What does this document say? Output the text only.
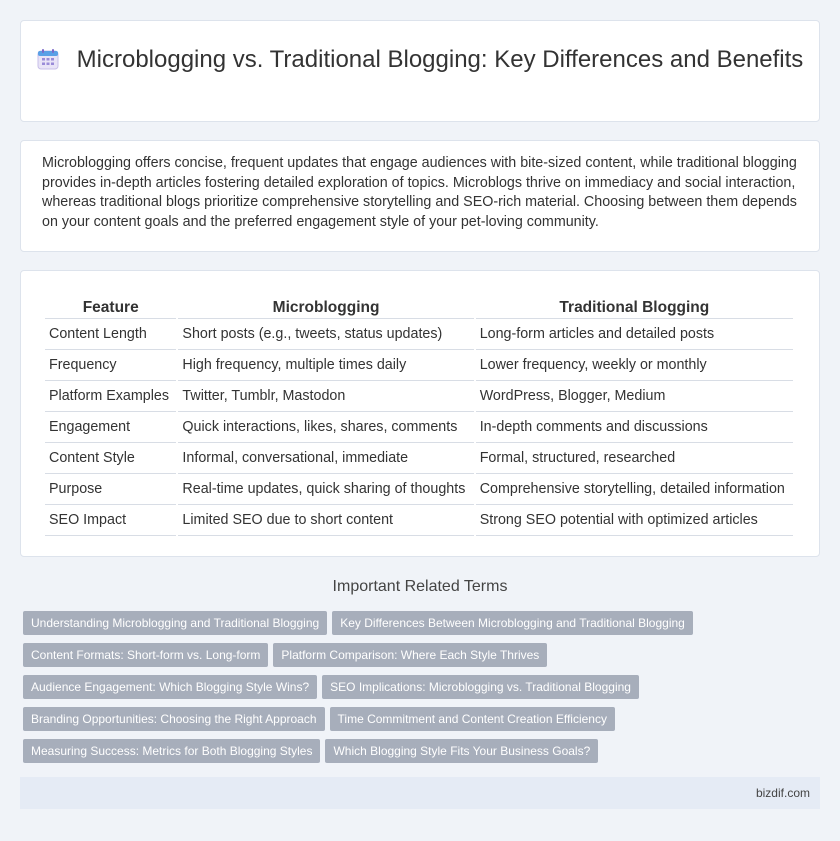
Microblogging vs. Traditional Blogging: Key Differences and Benefits

Microblogging offers concise, frequent updates that engage audiences with bite-sized content, while traditional blogging provides in-depth articles fostering detailed exploration of topics. Microblogs thrive on immediacy and social interaction, whereas traditional blogs prioritize comprehensive storytelling and SEO-rich material. Choosing between them depends on your content goals and the preferred engagement style of your pet-loving community.

Feature	Microblogging	Traditional Blogging
Content Length	Short posts (e.g., tweets, status updates)	Long-form articles and detailed posts
Frequency	High frequency, multiple times daily	Lower frequency, weekly or monthly
Platform Examples	Twitter, Tumblr, Mastodon	WordPress, Blogger, Medium
Engagement	Quick interactions, likes, shares, comments	In-depth comments and discussions
Content Style	Informal, conversational, immediate	Formal, structured, researched
Purpose	Real-time updates, quick sharing of thoughts	Comprehensive storytelling, detailed information
SEO Impact	Limited SEO due to short content	Strong SEO potential with optimized articles
Important Related Terms
Understanding Microblogging and Traditional Blogging Key Differences Between Microblogging and Traditional Blogging
Content Formats: Short-form vs. Long-form Platform Comparison: Where Each Style Thrives
Audience Engagement: Which Blogging Style Wins? SEO Implications: Microblogging vs. Traditional Blogging
Branding Opportunities: Choosing the Right Approach Time Commitment and Content Creation Efficiency
Measuring Success: Metrics for Both Blogging Styles Which Blogging Style Fits Your Business Goals?
bizdif.com
